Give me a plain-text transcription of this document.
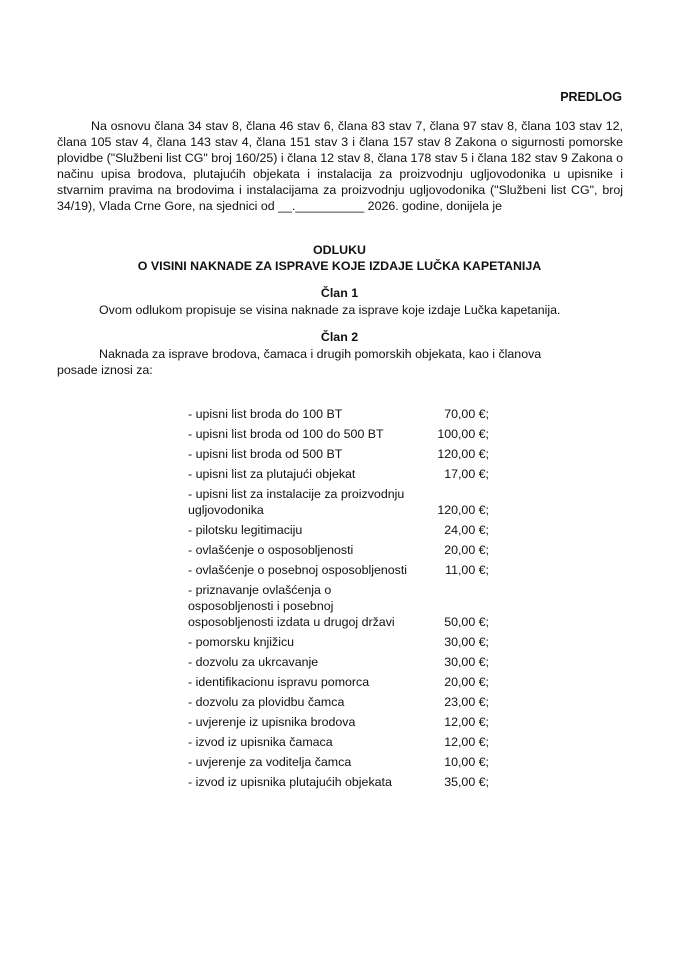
PREDLOG
Na osnovu člana 34 stav 8, člana 46 stav 6, člana 83 stav 7, člana 97 stav 8, člana 103 stav 12, člana 105 stav 4, člana 143 stav 4, člana 151 stav 3 i člana 157 stav 8 Zakona o sigurnosti pomorske plovidbe ("Službeni list CG" broj 160/25) i člana 12 stav 8, člana 178 stav 5 i člana 182 stav 9 Zakona o načinu upisa brodova, plutajućih objekata i instalacija za proizvodnju ugljovodonika u upisnike i stvarnim pravima na brodovima i instalacijama za proizvodnju ugljovodonika ("Službeni list CG", broj 34/19), Vlada Crne Gore, na sjednici od __.__________ 2026. godine, donijela je
ODLUKU
O VISINI NAKNADE ZA ISPRAVE KOJE IZDAJE LUČKA KAPETANIJA
Član 1
Ovom odlukom propisuje se visina naknade za isprave koje izdaje Lučka kapetanija.
Član 2
Naknada za isprave brodova, čamaca i drugih pomorskih objekata, kao i članova posade iznosi za:
- upisni list broda do 100 BT	70,00 €;
- upisni list broda od 100 do 500 BT	100,00 €;
- upisni list broda od 500 BT	120,00 €;
- upisni list za plutajući objekat	17,00 €;
- upisni list za instalacije za proizvodnju ugljovodonika	120,00 €;
- pilotsku legitimaciju	24,00 €;
- ovlašćenje o osposobljenosti	20,00 €;
- ovlašćenje o posebnoj osposobljenosti	11,00 €;
- priznavanje ovlašćenja o osposobljenosti i posebnoj osposobljenosti izdata u drugoj državi	50,00 €;
- pomorsku knjižicu	30,00 €;
- dozvolu za ukrcavanje	30,00 €;
- identifikacionu ispravu pomorca	20,00 €;
- dozvolu za plovidbu čamca	23,00 €;
- uvjerenje iz upisnika brodova	12,00 €;
- izvod iz upisnika čamaca	12,00 €;
- uvjerenje za voditelja čamca	10,00 €;
- izvod iz upisnika plutajućih objekata	35,00 €;
